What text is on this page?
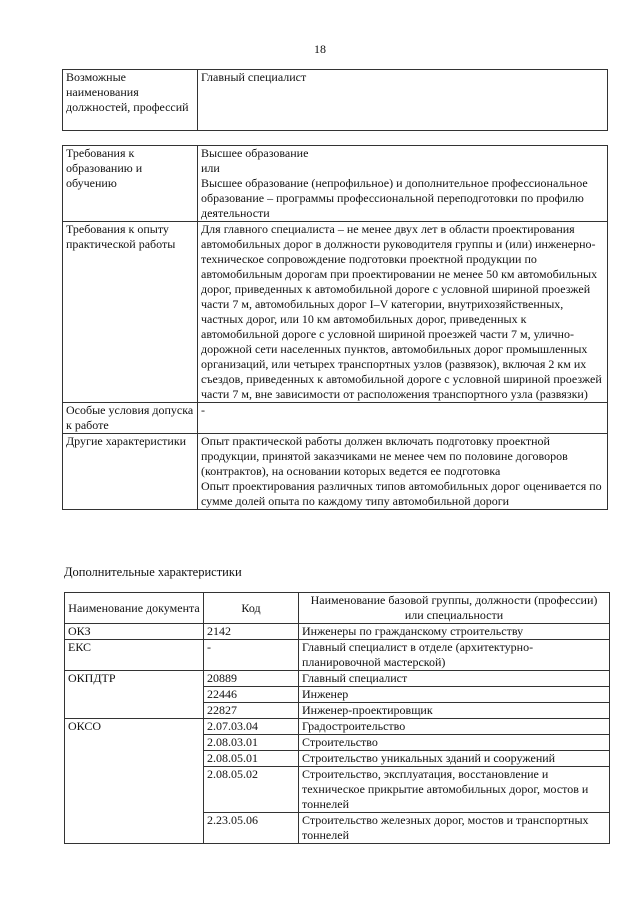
18
Возможные наименования должностей, профессий	Главный специалист
Требования к образованию и обучению	Высшее образование
или
Высшее образование (непрофильное) и дополнительное профессиональное образование – программы профессиональной переподготовки по профилю деятельности

Требования к опыту практической работы	Для главного специалиста – не менее двух лет в области проектирования автомобильных дорог в должности руководителя группы и (или) инженерно-техническое сопровождение подготовки проектной продукции по автомобильным дорогам при проектировании не менее 50 км автомобильных дорог, приведенных к автомобильной дороге с условной шириной проезжей части 7 м, автомобильных дорог I–V категории, внутрихозяйственных, частных дорог, или 10 км автомобильных дорог, приведенных к автомобильной дороге с условной шириной проезжей части 7 м, улично-дорожной сети населенных пунктов, автомобильных дорог промышленных организаций, или четырех транспортных узлов (развязок), включая 2 км их съездов, приведенных к автомобильной дороге с условной шириной проезжей части 7 м, вне зависимости от расположения транспортного узла (развязки)

Особые условия допуска к работе	-

Другие характеристики	Опыт практической работы должен включать подготовку проектной продукции, принятой заказчиками не менее чем по половине договоров (контрактов), на основании которых ведется ее подготовка
Опыт проектирования различных типов автомобильных дорог оценивается по сумме долей опыта по каждому типу автомобильной дороги
Дополнительные характеристики
Наименование документа	Код	Наименование базовой группы, должности (профессии) или специальности
ОКЗ	2142	Инженеры по гражданскому строительству
ЕКС	-	Главный специалист в отделе (архитектурно-планировочной мастерской)
ОКПДТР	20889	Главный специалист
	22446	Инженер
	22827	Инженер-проектировщик
ОКСО	2.07.03.04	Градостроительство
	2.08.03.01	Строительство
	2.08.05.01	Строительство уникальных зданий и сооружений
	2.08.05.02	Строительство, эксплуатация, восстановление и техническое прикрытие автомобильных дорог, мостов и тоннелей
	2.23.05.06	Строительство железных дорог, мостов и транспортных тоннелей
